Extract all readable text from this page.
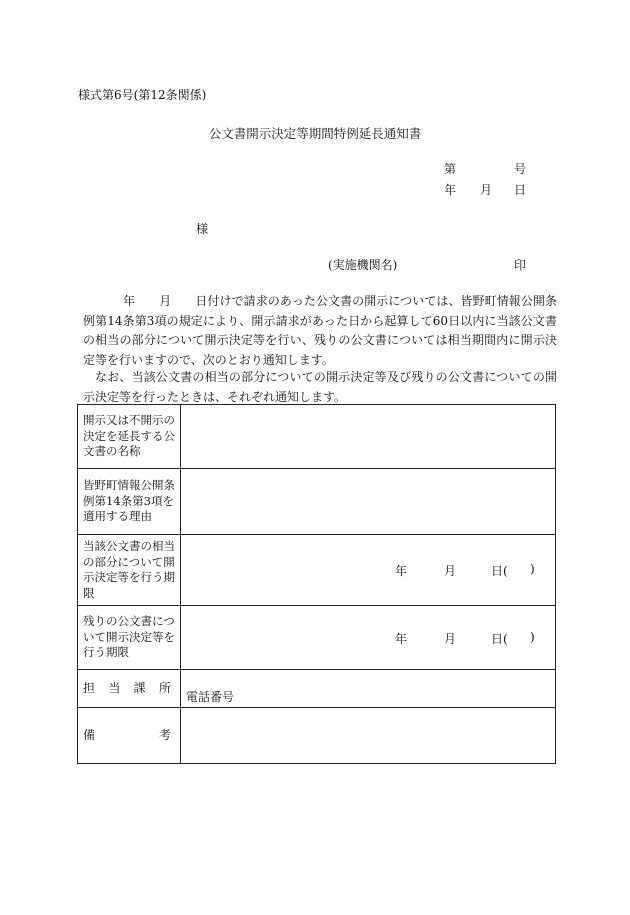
様式第6号(第12条関係)
公文書開示決定等期間特例延長通知書
第	号
年 月 日
様
(実施機関名)	印
年　　月　　日付けで請求のあった公文書の開示については、皆野町情報公開条例第14条第3項の規定により、開示請求があった日から起算して60日以内に当該公文書の相当の部分について開示決定等を行い、残りの公文書については相当期間内に開示決定等を行いますので、次のとおり通知します。
なお、当該公文書の相当の部分についての開示決定等及び残りの公文書についての開示決定等を行ったときは、それぞれ通知します。
開示又は不開示の決定を延長する公文書の名称	
皆野町情報公開条例第14条第3項を適用する理由	
当該公文書の相当の部分について開示決定等を行う期限	年 月 日( )

残りの公文書について開示決定等を行う期限	年 月 日( )

担 当 課 所	電話番号

備 考	
